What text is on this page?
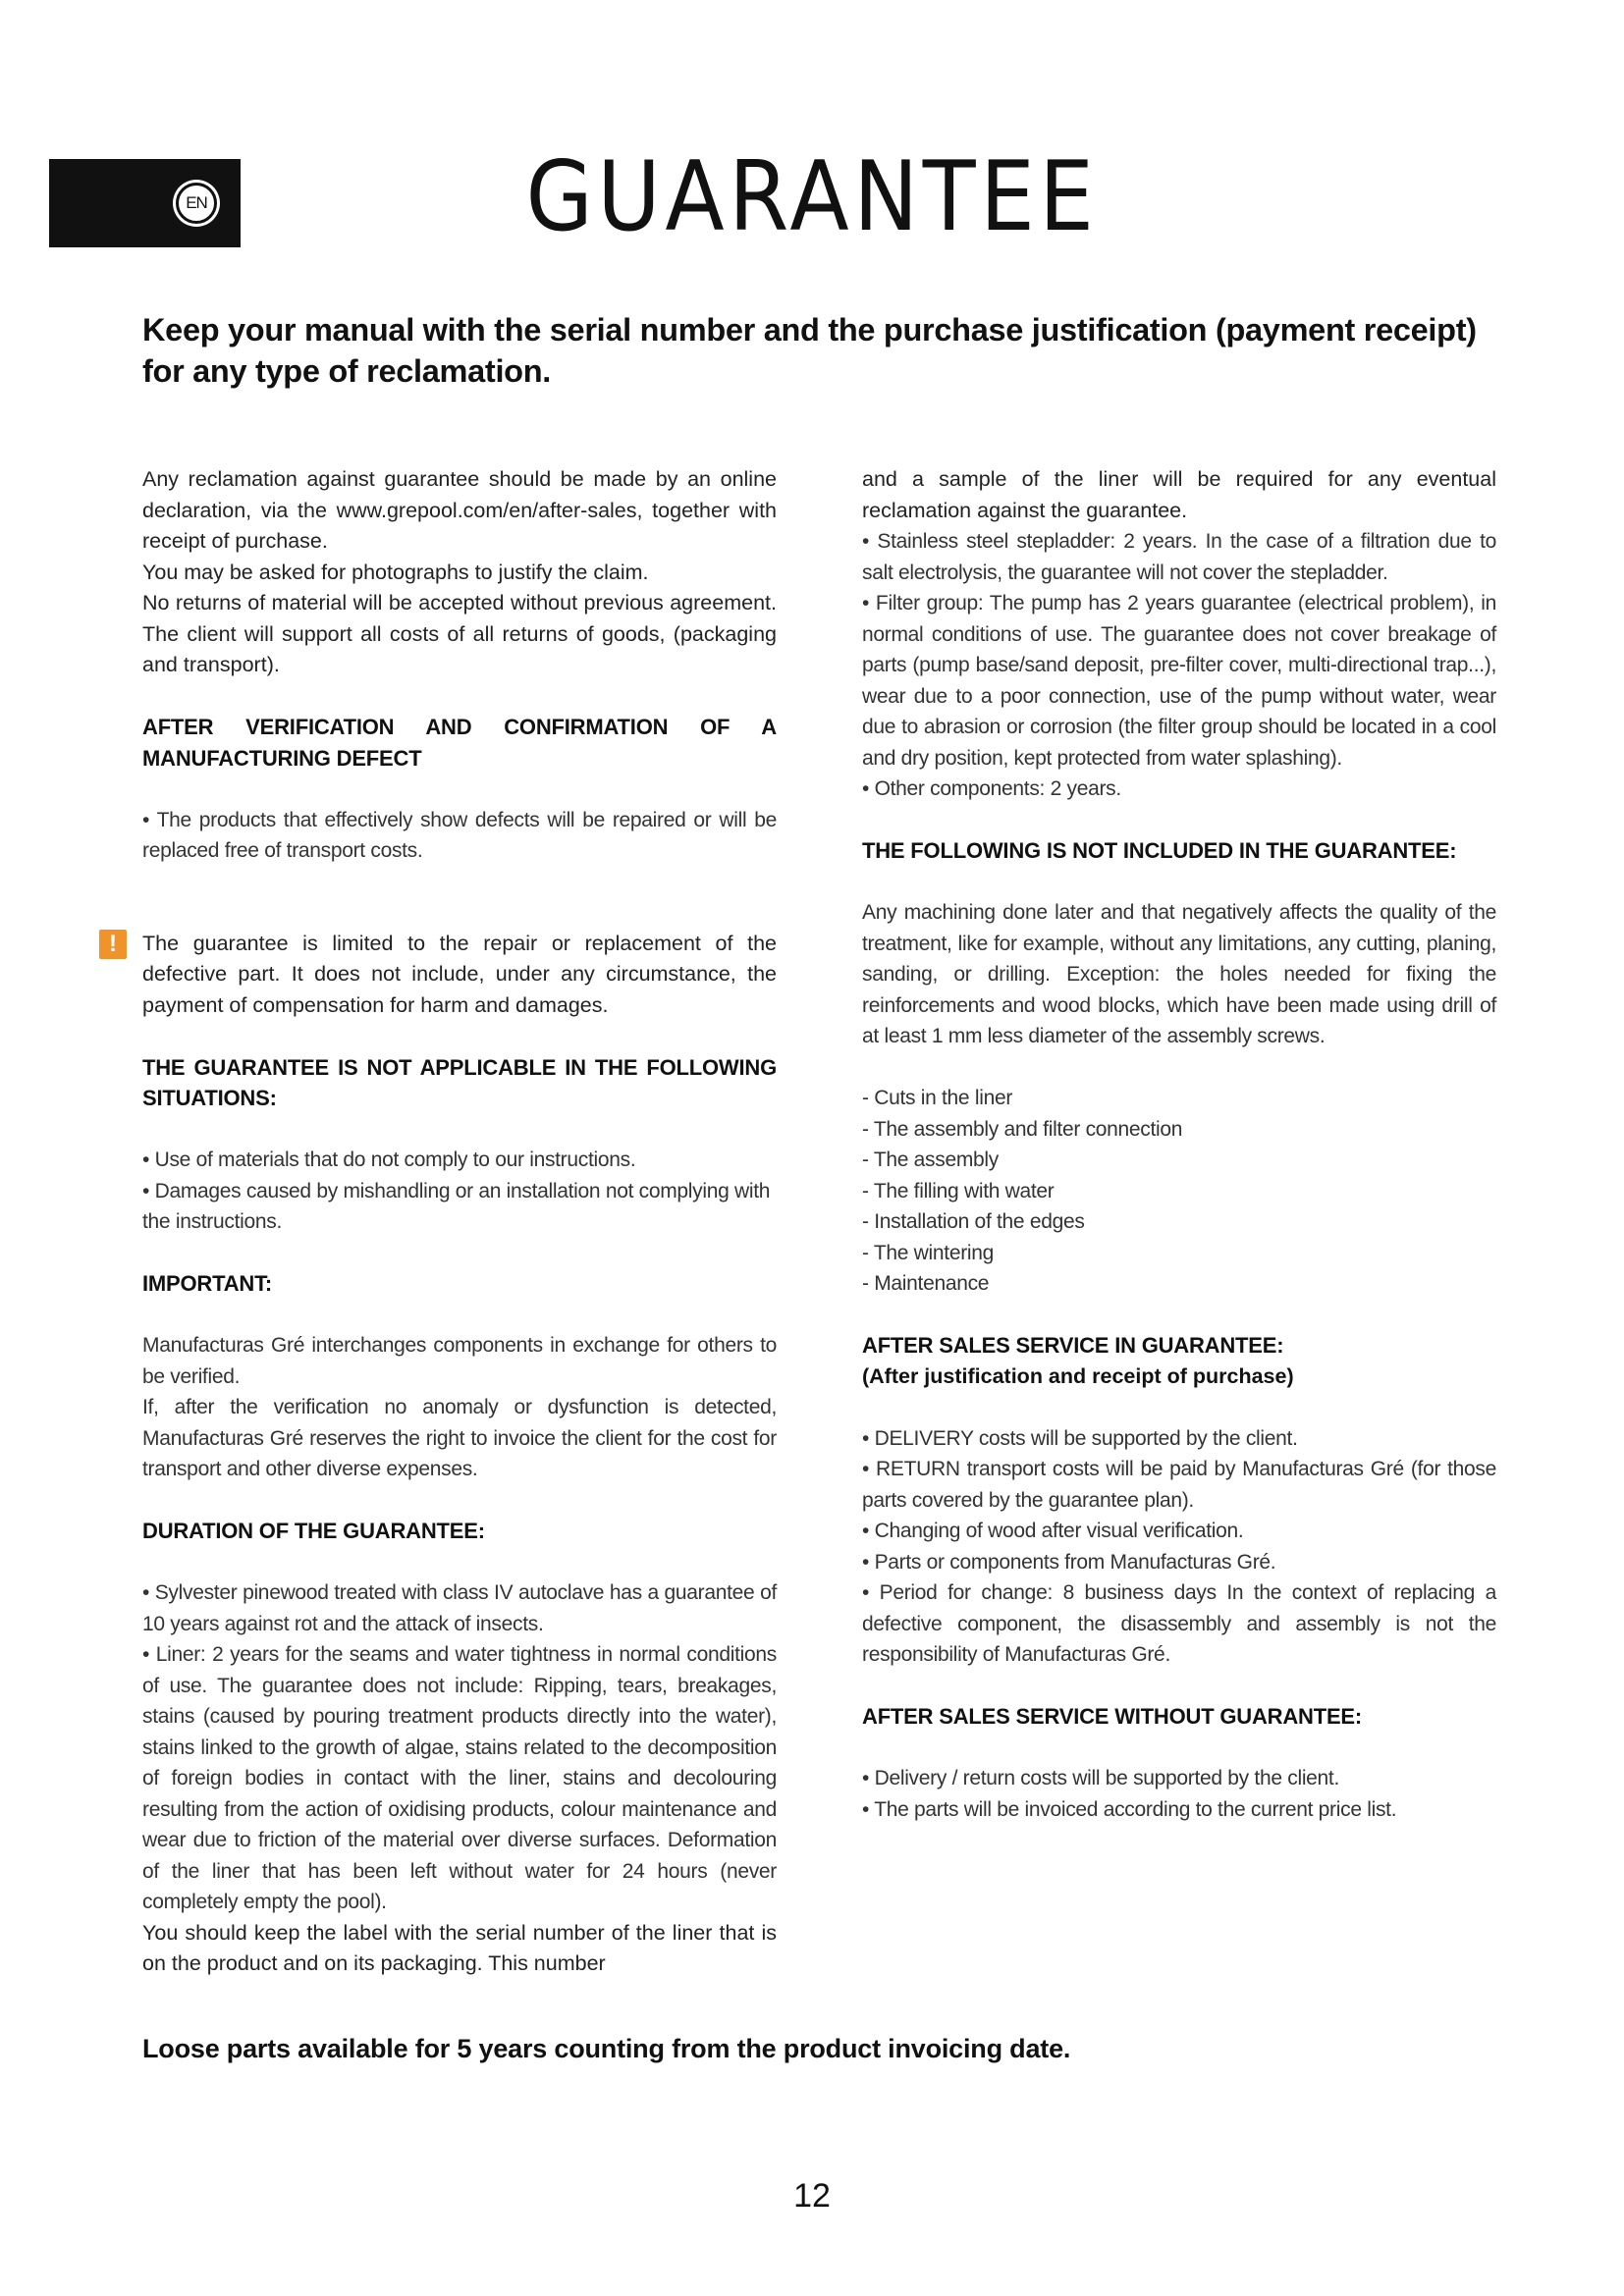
EN	GUARANTEE

Keep your manual with the serial number and the purchase justification (payment receipt) for any type of reclamation.

Any reclamation against guarantee should be made by an online declaration, via the www.grepool.com/en/after-sales, together with receipt of purchase.

You may be asked for photographs to justify the claim.

No returns of material will be accepted without previous agreement. The client will support all costs of all returns of goods, (packaging and transport).

AFTER VERIFICATION AND CONFIRMATION OF A MANUFACTURING DEFECT

• The products that effectively show defects will be repaired or will be replaced free of transport costs.

!	The guarantee is limited to the repair or replacement of the defective part. It does not include, under any circumstance, the payment of compensation for harm and damages.

THE GUARANTEE IS NOT APPLICABLE IN THE FOLLOWING SITUATIONS:

• Use of materials that do not comply to our instructions.

• Damages caused by mishandling or an installation not complying with the instructions.

IMPORTANT:

Manufacturas Gré interchanges components in exchange for others to be verified.

If, after the verification no anomaly or dysfunction is detected, Manufacturas Gré reserves the right to invoice the client for the cost for transport and other diverse expenses.

DURATION OF THE GUARANTEE:

• Sylvester pinewood treated with class IV autoclave has a guarantee of 10 years against rot and the attack of insects.

• Liner: 2 years for the seams and water tightness in normal conditions of use. The guarantee does not include: Ripping, tears, breakages, stains (caused by pouring treatment products directly into the water), stains linked to the growth of algae, stains related to the decomposition of foreign bodies in contact with the liner, stains and decolouring resulting from the action of oxidising products, colour maintenance and wear due to friction of the material over diverse surfaces. Deformation of the liner that has been left without water for 24 hours (never completely empty the pool).

You should keep the label with the serial number of the liner that is on the product and on its packaging. This number

and a sample of the liner will be required for any eventual reclamation against the guarantee.

• Stainless steel stepladder: 2 years. In the case of a filtration due to salt electrolysis, the guarantee will not cover the stepladder.

• Filter group: The pump has 2 years guarantee (electrical problem), in normal conditions of use. The guarantee does not cover breakage of parts (pump base/sand deposit, pre-filter cover, multi-directional trap...), wear due to a poor connection, use of the pump without water, wear due to abrasion or corrosion (the filter group should be located in a cool and dry position, kept protected from water splashing).

• Other components: 2 years.

THE FOLLOWING IS NOT INCLUDED IN THE GUARANTEE:

Any machining done later and that negatively affects the quality of the treatment, like for example, without any limitations, any cutting, planing, sanding, or drilling. Exception: the holes needed for fixing the reinforcements and wood blocks, which have been made using drill of at least 1 mm less diameter of the assembly screws.

- Cuts in the liner

- The assembly and filter connection

- The assembly

- The filling with water

- Installation of the edges

- The wintering

- Maintenance

AFTER SALES SERVICE IN GUARANTEE:

(After justification and receipt of purchase)

• DELIVERY costs will be supported by the client.

• RETURN transport costs will be paid by Manufacturas Gré (for those parts covered by the guarantee plan).

• Changing of wood after visual verification.

• Parts or components from Manufacturas Gré.

• Period for change: 8 business days In the context of replacing a defective component, the disassembly and assembly is not the responsibility of Manufacturas Gré.

AFTER SALES SERVICE WITHOUT GUARANTEE:

• Delivery / return costs will be supported by the client.

• The parts will be invoiced according to the current price list.

Loose parts available for 5 years counting from the product invoicing date.

12
